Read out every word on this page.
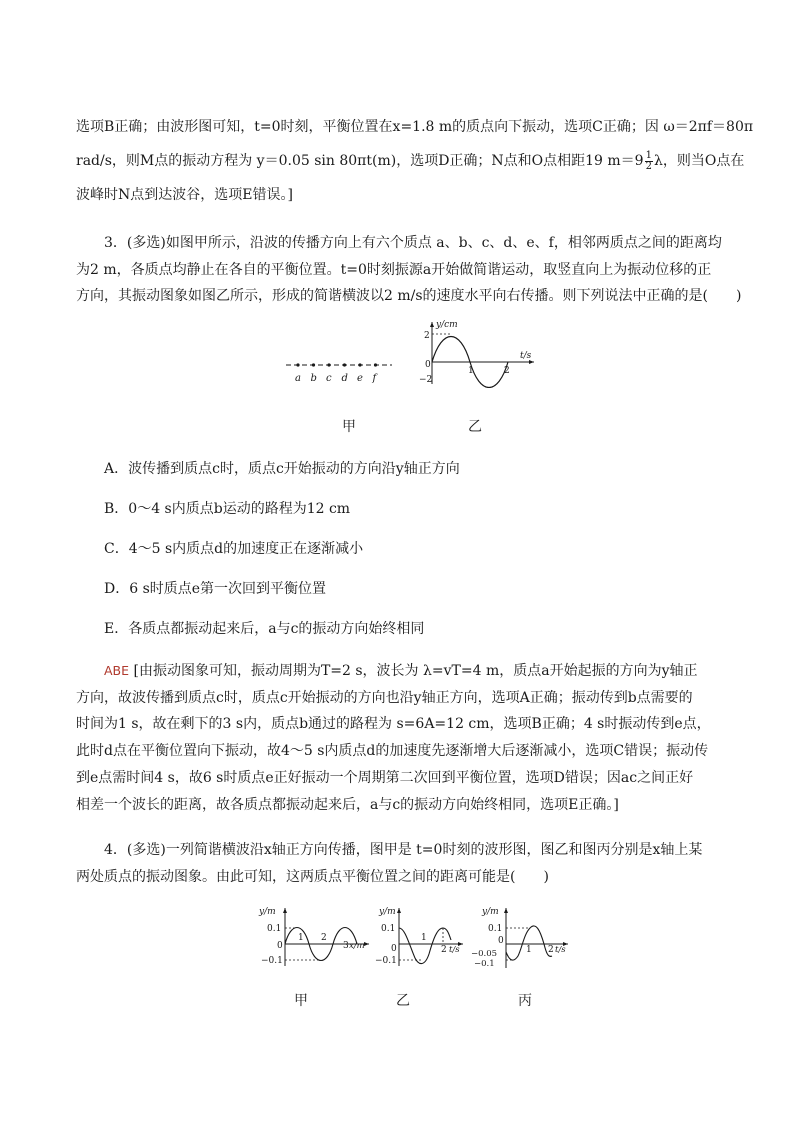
选项B正确；由波形图可知，t=0时刻，平衡位置在x=1.8 m的质点向下振动，选项C正确；因 ω＝2πf＝80π
rad/s，则M点的振动方程为 y＝0.05 sin 80πt(m)，选项D正确；N点和O点相距19 $m=9 \frac{1}{2}$ λ，则当O点在
波峰时N点到达波谷，选项E错误。]
3．(多选)如图甲所示，沿波的传播方向上有六个质点 a、b、c、d、e、f，相邻两质点之间的距离均
为2 m，各质点均静止在各自的平衡位置。t=0时刻振源a开始做简谐运动，取竖直向上为振动位移的正
方向，其振动图象如图乙所示，形成的简谐横波以2 m/s的速度水平向右传播。则下列说法中正确的是(　　)
a b c d e f
甲
y/cm
2
0
−2
1	2
t/s
乙
A．波传播到质点c时，质点c开始振动的方向沿y轴正方向
B．0～4 s内质点b运动的路程为12 cm
C．4～5 s内质点d的加速度正在逐渐减小
D．6 s时质点e第一次回到平衡位置
E．各质点都振动起来后，a与c的振动方向始终相同
ABE [由振动图象可知，振动周期为T=2 s，波长为 λ=vT=4 m，质点a开始起振的方向为y轴正
方向，故波传播到质点c时，质点c开始振动的方向也沿y轴正方向，选项A正确；振动传到b点需要的
时间为1 s，故在剩下的3 s内，质点b通过的路程为 s=6A=12 cm，选项B正确；4 s时振动传到e点，
此时d点在平衡位置向下振动，故4～5 s内质点d的加速度先逐渐增大后逐渐减小，选项C错误；振动传
到e点需时间4 s，故6 s时质点e正好振动一个周期第二次回到平衡位置，选项D错误；因ac之间正好
相差一个波长的距离，故各质点都振动起来后，a与c的振动方向始终相同，选项E正确。]
4．(多选)一列简谐横波沿x轴正方向传播，图甲是 t=0时刻的波形图，图乙和图丙分别是x轴上某
两处质点的振动图象。由此可知，这两质点平衡位置之间的距离可能是(　　)
y/m
0.1
0
−0.1
1 2
3 x/m
甲
y/m
0.1
0
−0.1
1
2 t/s
乙
y/m
0.1
0
−0.05
−0.1
1 2 t/s
丙
